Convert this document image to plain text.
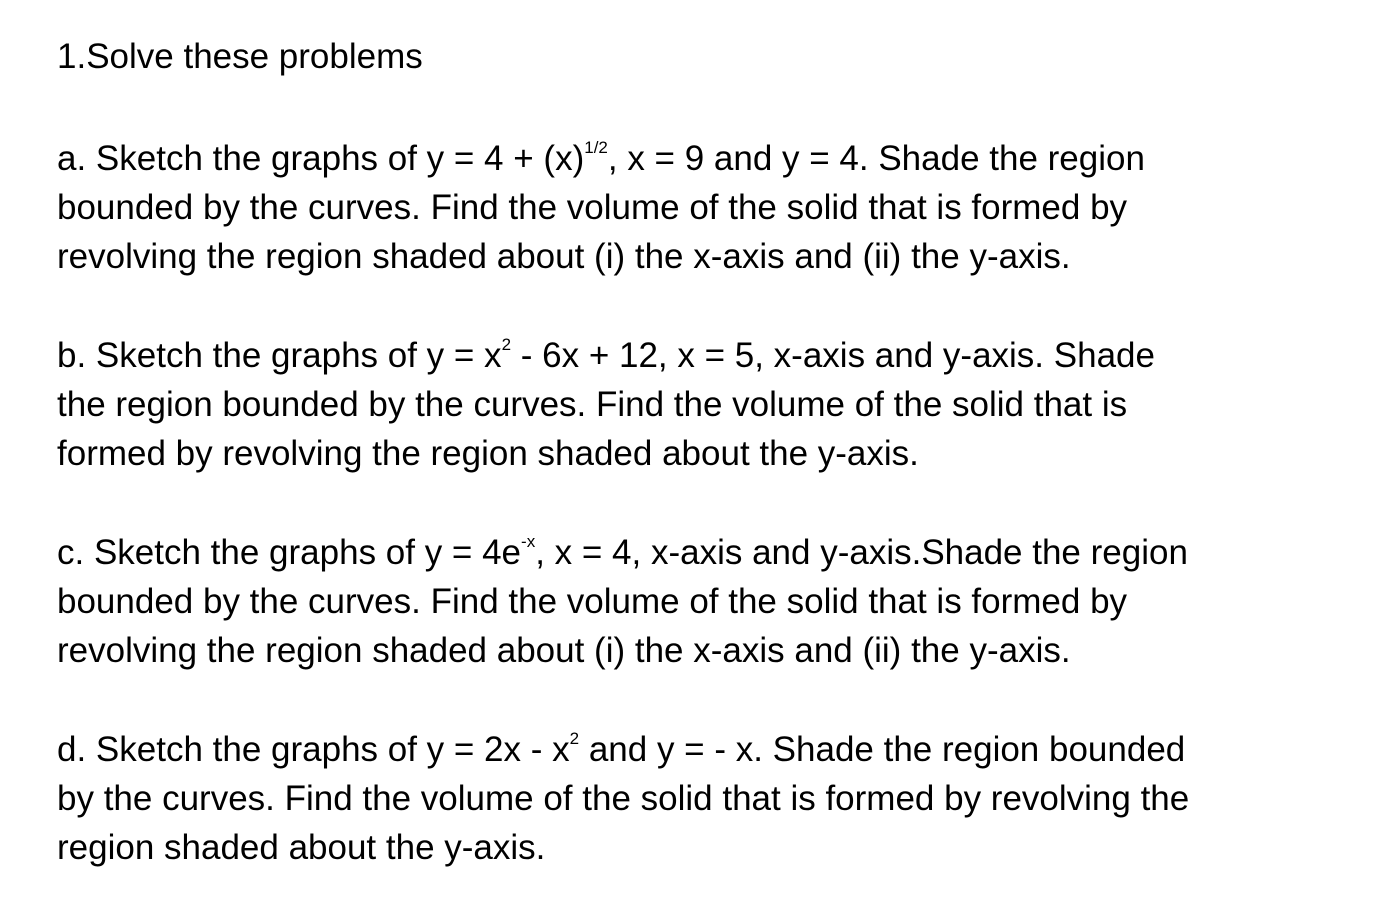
1.Solve these problems
a. Sketch the graphs of $y = 4 + (x)^{1/2}$, x = 9 and y = 4. Shade the region
bounded by the curves. Find the volume of the solid that is formed by
revolving the region shaded about (i) the x-axis and (ii) the y-axis.
b. Sketch the graphs of $y = x^2 - 6x + 12$, x = 5, x-axis and y-axis. Shade
the region bounded by the curves. Find the volume of the solid that is
formed by revolving the region shaded about the y-axis.
c. Sketch the graphs of $y = 4e^{-x}$, x = 4, x-axis and y-axis.Shade the region
bounded by the curves. Find the volume of the solid that is formed by
revolving the region shaded about (i) the x-axis and (ii) the y-axis.
d. Sketch the graphs of $y = 2x - x^2$ and y = - x. Shade the region bounded
by the curves. Find the volume of the solid that is formed by revolving the
region shaded about the y-axis.
